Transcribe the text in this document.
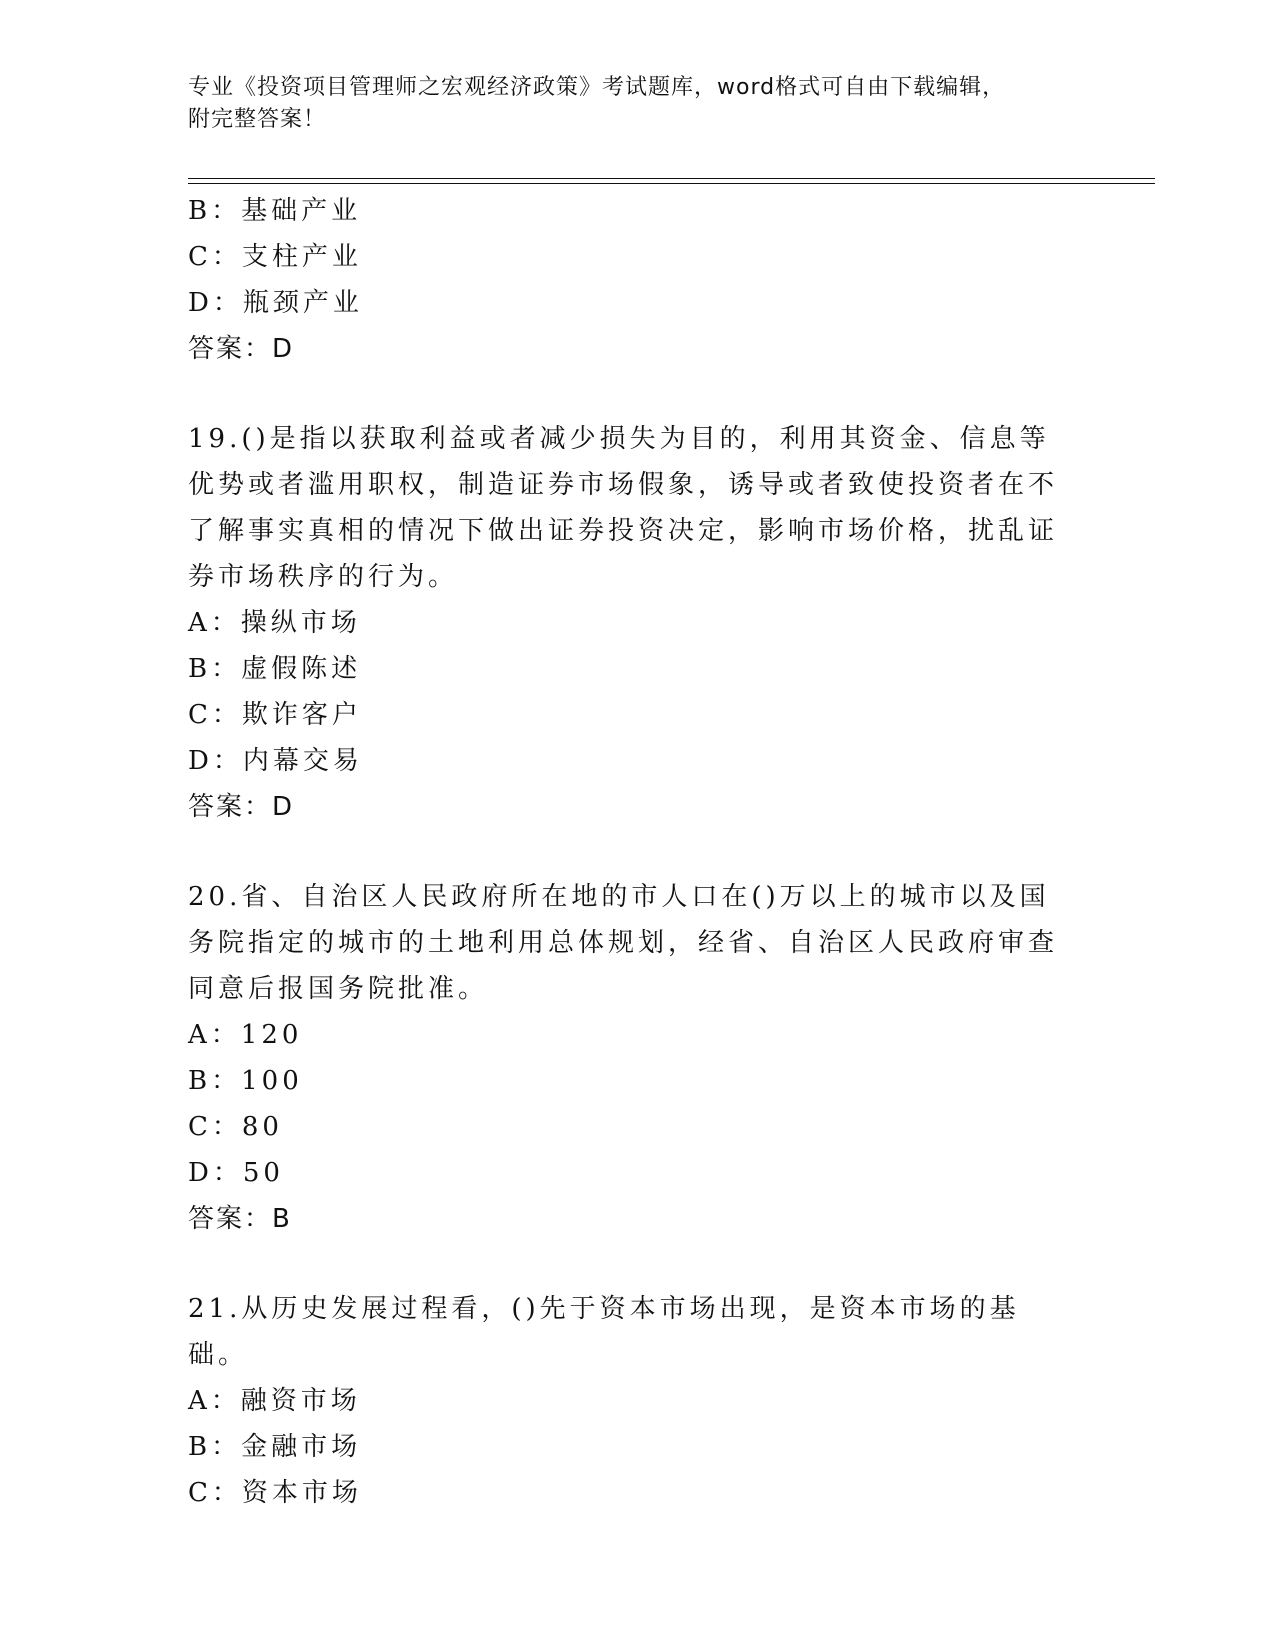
专业《投资项目管理师之宏观经济政策》考试题库，word格式可自由下载编辑，
附完整答案！
B：基础产业
C：支柱产业
D：瓶颈产业
答案：D
19.()是指以获取利益或者减少损失为目的，利用其资金、信息等优势或者滥用职权，制造证券市场假象，诱导或者致使投资者在不了解事实真相的情况下做出证券投资决定，影响市场价格，扰乱证券市场秩序的行为。
A：操纵市场
B：虚假陈述
C：欺诈客户
D：内幕交易
答案：D
20.省、自治区人民政府所在地的市人口在()万以上的城市以及国务院指定的城市的土地利用总体规划，经省、自治区人民政府审查同意后报国务院批准。
A：120
B：100
C：80
D：50
答案：B
21.从历史发展过程看，()先于资本市场出现，是资本市场的基础。
A：融资市场
B：金融市场
C：资本市场
